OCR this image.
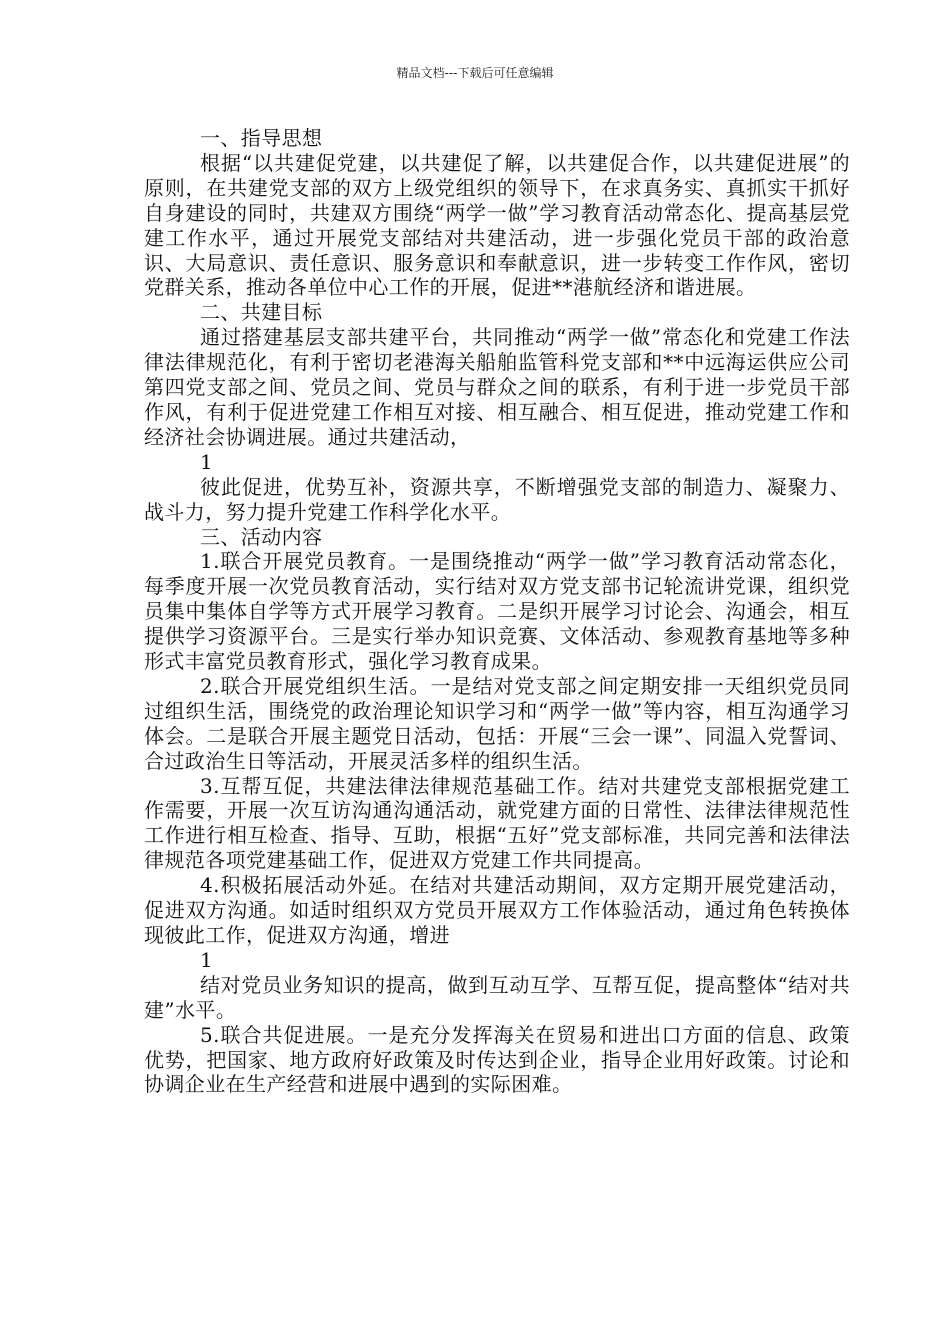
精品文档---下载后可任意编辑

一、指导思想

根据“以共建促党建，以共建促了解，以共建促合作，以共建促进展”的原则，在共建党支部的双方上级党组织的领导下，在求真务实、真抓实干抓好自身建设的同时，共建双方围绕“两学一做”学习教育活动常态化、提高基层党建工作水平，通过开展党支部结对共建活动，进一步强化党员干部的政治意识、大局意识、责任意识、服务意识和奉献意识，进一步转变工作作风，密切党群关系，推动各单位中心工作的开展，促进**港航经济和谐进展。

二、共建目标

通过搭建基层支部共建平台，共同推动“两学一做”常态化和党建工作法律法律规范化，有利于密切老港海关船舶监管科党支部和**中远海运供应公司第四党支部之间、党员之间、党员与群众之间的联系，有利于进一步党员干部作风，有利于促进党建工作相互对接、相互融合、相互促进，推动党建工作和经济社会协调进展。通过共建活动，

1

彼此促进，优势互补，资源共享，不断增强党支部的制造力、凝聚力、战斗力，努力提升党建工作科学化水平。

三、活动内容

1.联合开展党员教育。一是围绕推动“两学一做”学习教育活动常态化，每季度开展一次党员教育活动，实行结对双方党支部书记轮流讲党课，组织党员集中集体自学等方式开展学习教育。二是织开展学习讨论会、沟通会，相互提供学习资源平台。三是实行举办知识竞赛、文体活动、参观教育基地等多种形式丰富党员教育形式，强化学习教育成果。

2.联合开展党组织生活。一是结对党支部之间定期安排一天组织党员同过组织生活，围绕党的政治理论知识学习和“两学一做”等内容，相互沟通学习体会。二是联合开展主题党日活动，包括：开展“三会一课”、同温入党誓词、合过政治生日等活动，开展灵活多样的组织生活。

3.互帮互促，共建法律法律规范基础工作。结对共建党支部根据党建工作需要，开展一次互访沟通沟通活动，就党建方面的日常性、法律法律规范性工作进行相互检查、指导、互助，根据“五好”党支部标准，共同完善和法律法律规范各项党建基础工作，促进双方党建工作共同提高。

4.积极拓展活动外延。在结对共建活动期间，双方定期开展党建活动，促进双方沟通。如适时组织双方党员开展双方工作体验活动，通过角色转换体现彼此工作，促进双方沟通，增进

1

结对党员业务知识的提高，做到互动互学、互帮互促，提高整体“结对共建”水平。

5.联合共促进展。一是充分发挥海关在贸易和进出口方面的信息、政策优势，把国家、地方政府好政策及时传达到企业，指导企业用好政策。讨论和协调企业在生产经营和进展中遇到的实际困难。
